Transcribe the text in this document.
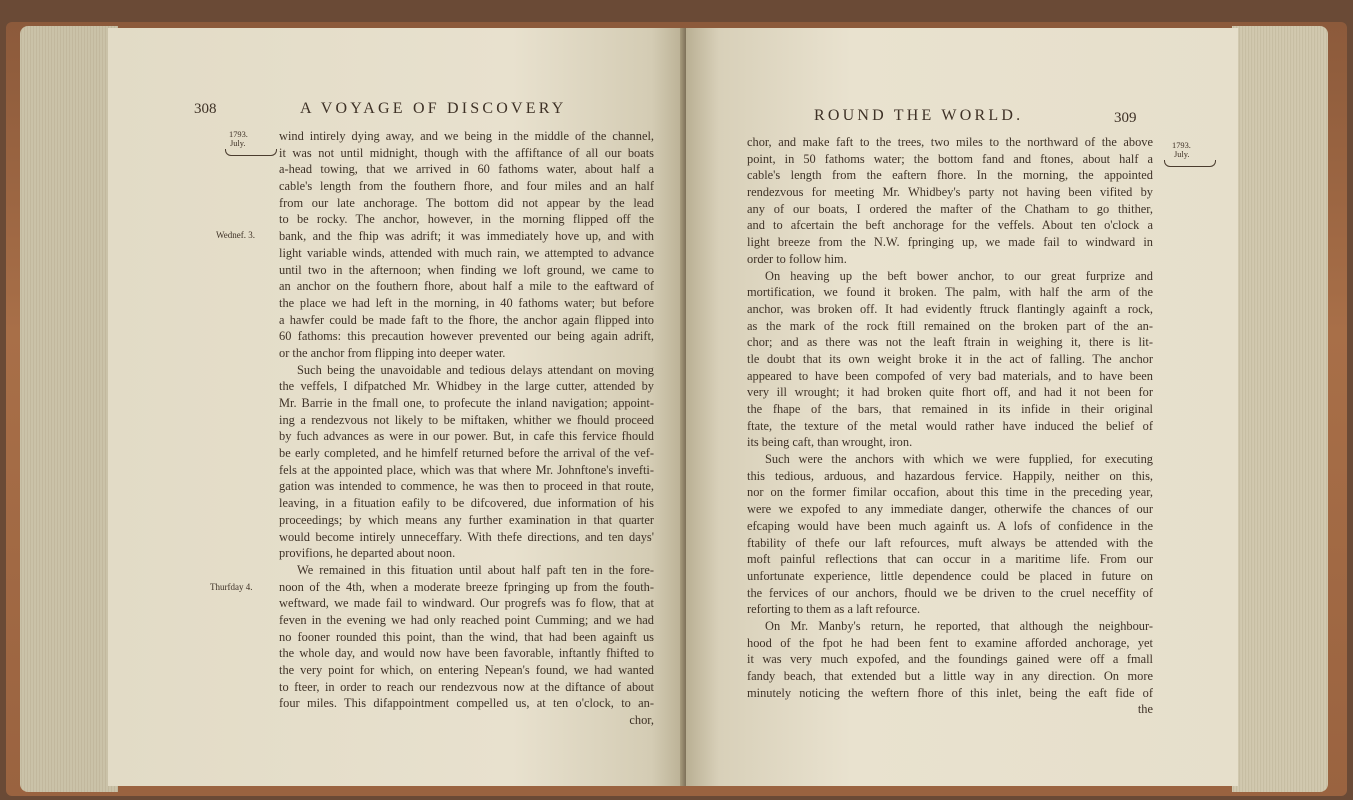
308	A VOYAGE OF DISCOVERY
1793.
July.
Wednef. 3.
Thurfday 4.
wind intirely dying away, and we being in the middle of the channel,
it was not until midnight, though with the affiftance of all our boats
a-head towing, that we arrived in 60 fathoms water, about half a
cable's length from the fouthern fhore, and four miles and an half
from our late anchorage. The bottom did not appear by the lead
to be rocky. The anchor, however, in the morning flipped off the
bank, and the fhip was adrift; it was immediately hove up, and with
light variable winds, attended with much rain, we attempted to advance
until two in the afternoon; when finding we loft ground, we came to
an anchor on the fouthern fhore, about half a mile to the eaftward of
the place we had left in the morning, in 40 fathoms water; but before
a hawfer could be made faft to the fhore, the anchor again flipped into
60 fathoms: this precaution however prevented our being again adrift,
or the anchor from flipping into deeper water.
Such being the unavoidable and tedious delays attendant on moving
the veffels, I difpatched Mr. Whidbey in the large cutter, attended by
Mr. Barrie in the fmall one, to profecute the inland navigation; appoint-
ing a rendezvous not likely to be miftaken, whither we fhould proceed
by fuch advances as were in our power. But, in cafe this fervice fhould
be early completed, and he himfelf returned before the arrival of the vef-
fels at the appointed place, which was that where Mr. Johnftone's invefti-
gation was intended to commence, he was then to proceed in that route,
leaving, in a fituation eafily to be difcovered, due information of his
proceedings; by which means any further examination in that quarter
would become intirely unneceffary. With thefe directions, and ten days'
provifions, he departed about noon.
We remained in this fituation until about half paft ten in the fore-
noon of the 4th, when a moderate breeze fpringing up from the fouth-
weftward, we made fail to windward. Our progrefs was fo flow, that at
feven in the evening we had only reached point Cumming; and we had
no fooner rounded this point, than the wind, that had been againft us
the whole day, and would now have been favorable, inftantly fhifted to
the very point for which, on entering Nepean's found, we had wanted
to fteer, in order to reach our rendezvous now at the diftance of about
four miles. This difappointment compelled us, at ten o'clock, to an-
chor,
ROUND THE WORLD.	309
1793.
July.
chor, and make faft to the trees, two miles to the northward of the above
point, in 50 fathoms water; the bottom fand and ftones, about half a
cable's length from the eaftern fhore. In the morning, the appointed
rendezvous for meeting Mr. Whidbey's party not having been vifited by
any of our boats, I ordered the mafter of the Chatham to go thither,
and to afcertain the beft anchorage for the veffels. About ten o'clock a
light breeze from the N.W. fpringing up, we made fail to windward in
order to follow him.
On heaving up the beft bower anchor, to our great furprize and
mortification, we found it broken. The palm, with half the arm of the
anchor, was broken off. It had evidently ftruck flantingly againft a rock,
as the mark of the rock ftill remained on the broken part of the an-
chor; and as there was not the leaft ftrain in weighing it, there is lit-
tle doubt that its own weight broke it in the act of falling. The anchor
appeared to have been compofed of very bad materials, and to have been
very ill wrought; it had broken quite fhort off, and had it not been for
the fhape of the bars, that remained in its infide in their original
ftate, the texture of the metal would rather have induced the belief of
its being caft, than wrought, iron.
Such were the anchors with which we were fupplied, for executing
this tedious, arduous, and hazardous fervice. Happily, neither on this,
nor on the former fimilar occafion, about this time in the preceding year,
were we expofed to any immediate danger, otherwife the chances of our
efcaping would have been much againft us. A lofs of confidence in the
ftability of thefe our laft refources, muft always be attended with the
moft painful reflections that can occur in a maritime life. From our
unfortunate experience, little dependence could be placed in future on
the fervices of our anchors, fhould we be driven to the cruel neceffity of
reforting to them as a laft refource.
On Mr. Manby's return, he reported, that although the neighbour-
hood of the fpot he had been fent to examine afforded anchorage, yet
it was very much expofed, and the foundings gained were off a fmall
fandy beach, that extended but a little way in any direction. On more
minutely noticing the weftern fhore of this inlet, being the eaft fide of
the
